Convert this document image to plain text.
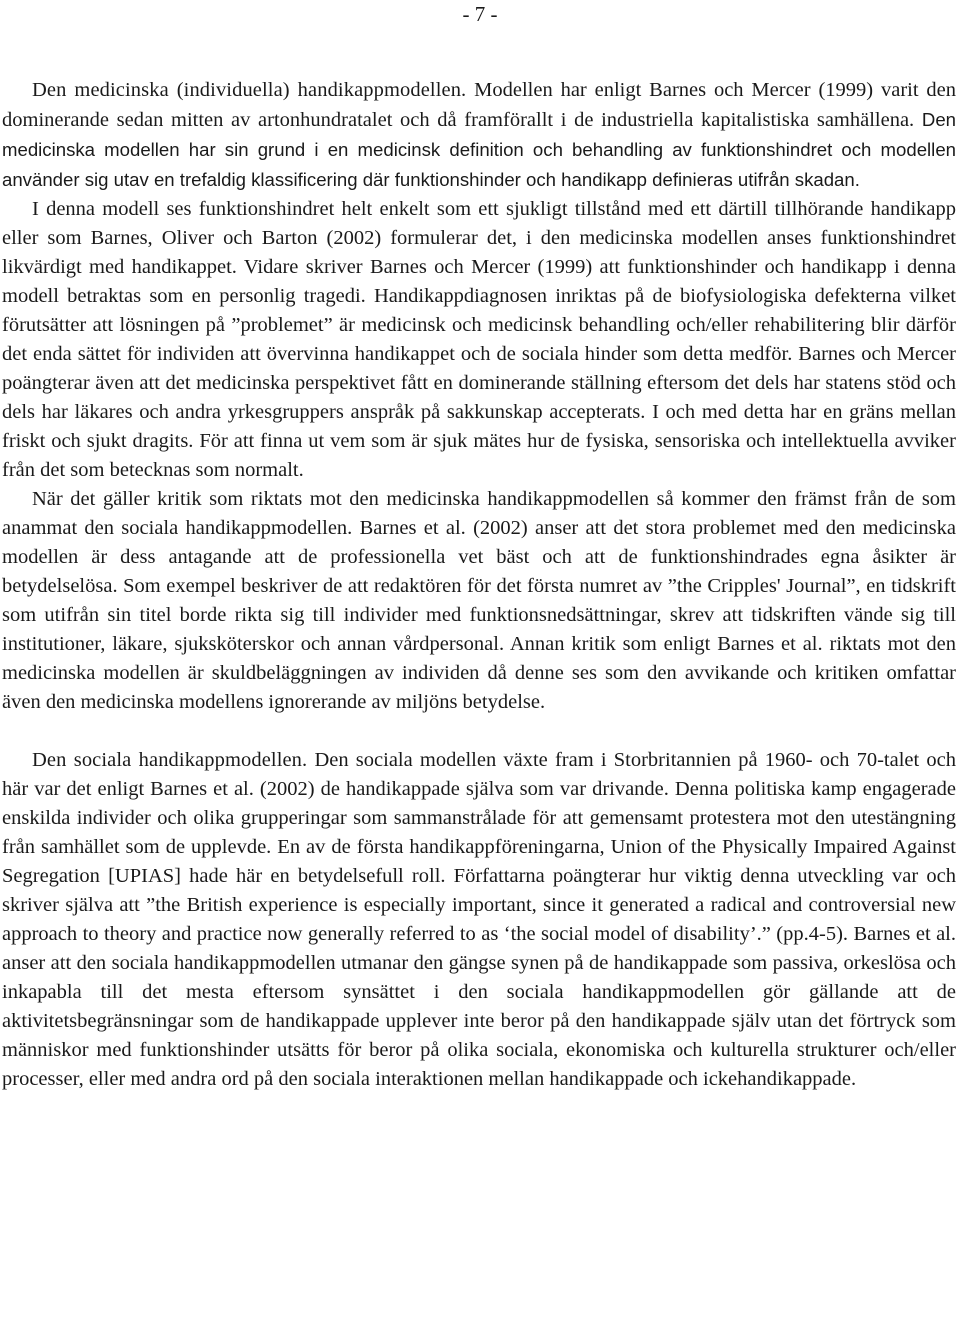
- 7 -

Den medicinska (individuella) handikappmodellen. Modellen har enligt Barnes och Mercer (1999) varit den dominerande sedan mitten av artonhundratalet och då framförallt i de industriella kapitalistiska samhällena. Den medicinska modellen har sin grund i en medicinsk definition och behandling av funktionshindret och modellen använder sig utav en trefaldig klassificering där funktionshinder och handikapp definieras utifrån skadan.

I denna modell ses funktionshindret helt enkelt som ett sjukligt tillstånd med ett därtill tillhörande handikapp eller som Barnes, Oliver och Barton (2002) formulerar det, i den medicinska modellen anses funktionshindret likvärdigt med handikappet. Vidare skriver Barnes och Mercer (1999) att funktionshinder och handikapp i denna modell betraktas som en personlig tragedi. Handikappdiagnosen inriktas på de biofysiologiska defekterna vilket förutsätter att lösningen på ”problemet” är medicinsk och medicinsk behandling och/eller rehabilitering blir därför det enda sättet för individen att övervinna handikappet och de sociala hinder som detta medför. Barnes och Mercer poängterar även att det medicinska perspektivet fått en dominerande ställning eftersom det dels har statens stöd och dels har läkares och andra yrkesgruppers anspråk på sakkunskap accepterats. I och med detta har en gräns mellan friskt och sjukt dragits. För att finna ut vem som är sjuk mätes hur de fysiska, sensoriska och intellektuella avviker från det som betecknas som normalt.

När det gäller kritik som riktats mot den medicinska handikappmodellen så kommer den främst från de som anammat den sociala handikappmodellen. Barnes et al. (2002) anser att det stora problemet med den medicinska modellen är dess antagande att de professionella vet bäst och att de funktionshindrades egna åsikter är betydelselösa. Som exempel beskriver de att redaktören för det första numret av ”the Cripples' Journal”, en tidskrift som utifrån sin titel borde rikta sig till individer med funktionsnedsättningar, skrev att tidskriften vände sig till institutioner, läkare, sjuksköterskor och annan vårdpersonal. Annan kritik som enligt Barnes et al. riktats mot den medicinska modellen är skuldbeläggningen av individen då denne ses som den avvikande och kritiken omfattar även den medicinska modellens ignorerande av miljöns betydelse.

Den sociala handikappmodellen. Den sociala modellen växte fram i Storbritannien på 1960- och 70-talet och här var det enligt Barnes et al. (2002) de handikappade själva som var drivande. Denna politiska kamp engagerade enskilda individer och olika grupperingar som sammanstrålade för att gemensamt protestera mot den utestängning från samhället som de upplevde. En av de första handikappföreningarna, Union of the Physically Impaired Against Segregation [UPIAS] hade här en betydelsefull roll. Författarna poängterar hur viktig denna utveckling var och skriver själva att ”the British experience is especially important, since it generated a radical and controversial new approach to theory and practice now generally referred to as ‘the social model of disability’.” (pp.4-5). Barnes et al. anser att den sociala handikappmodellen utmanar den gängse synen på de handikappade som passiva, orkeslösa och inkapabla till det mesta eftersom synsättet i den sociala handikappmodellen gör gällande att de aktivitetsbegränsningar som de handikappade upplever inte beror på den handikappade själv utan det förtryck som människor med funktionshinder utsätts för beror på olika sociala, ekonomiska och kulturella strukturer och/eller processer, eller med andra ord på den sociala interaktionen mellan handikappade och ickehandikappade.
